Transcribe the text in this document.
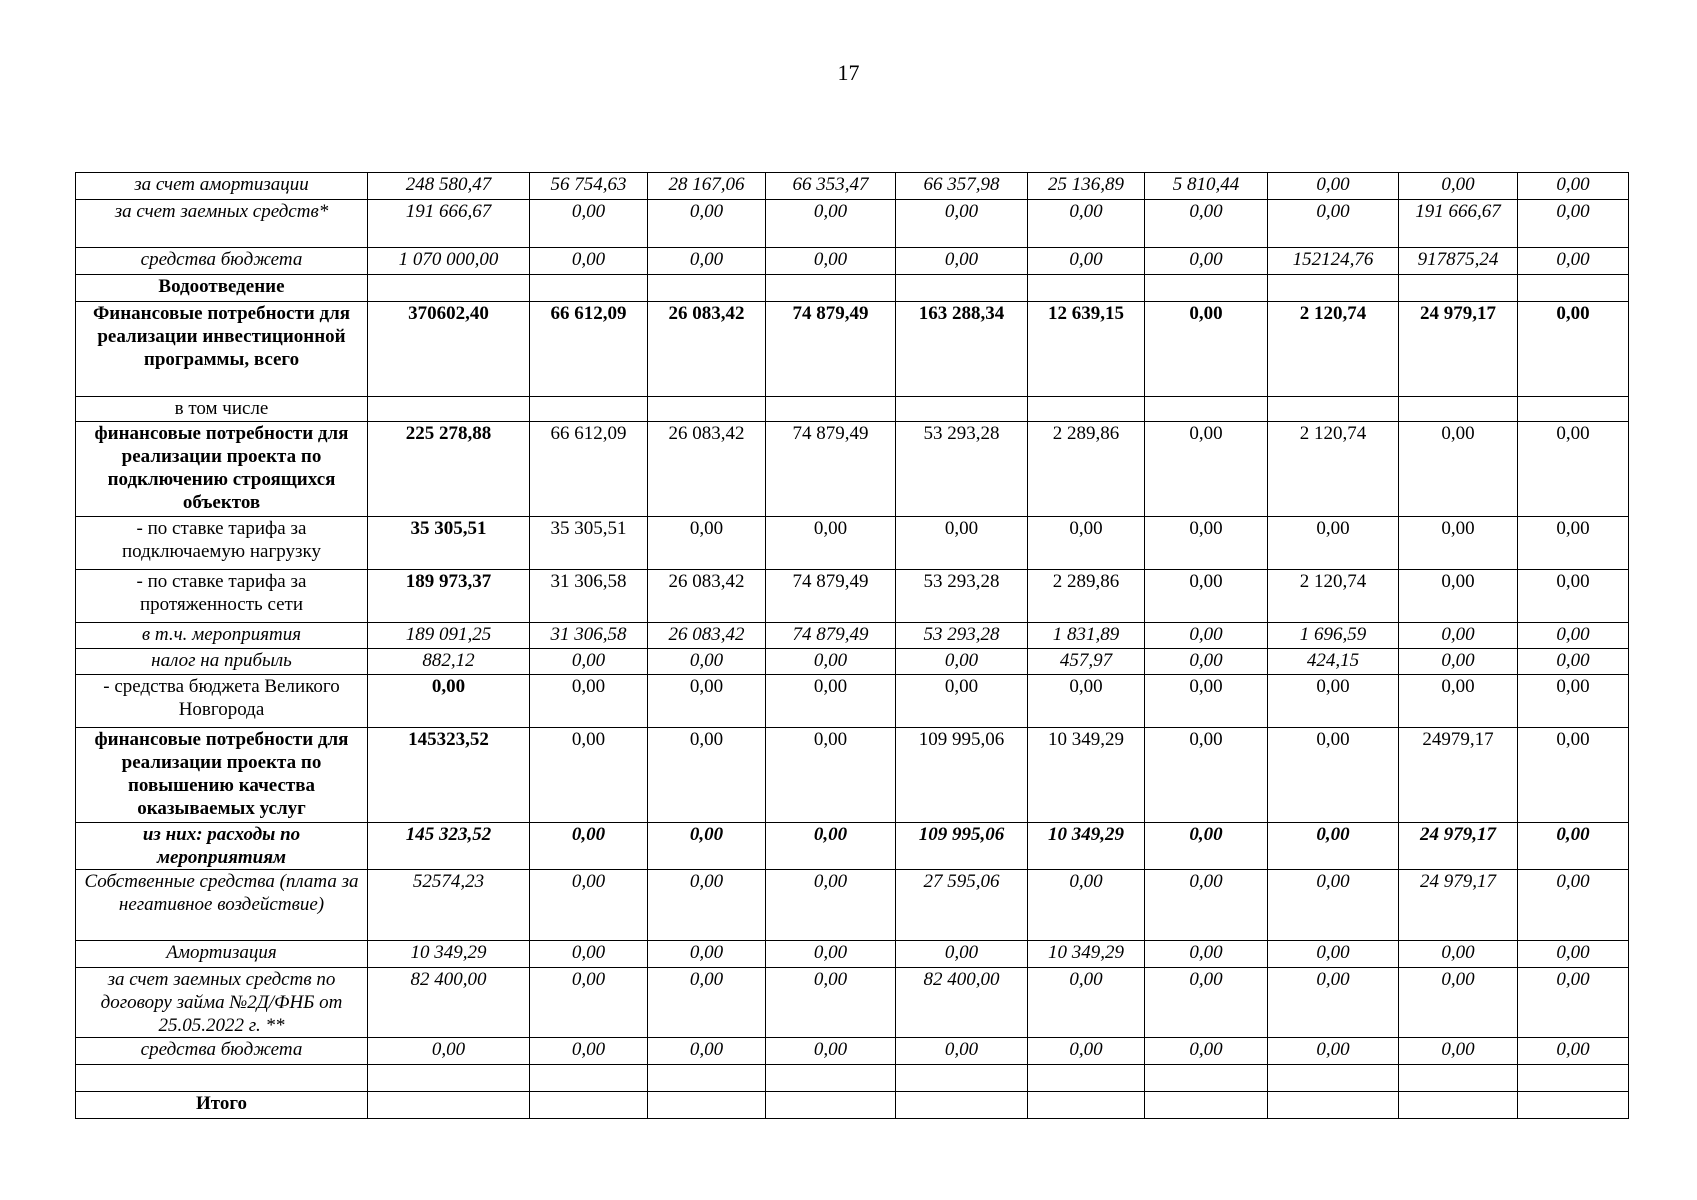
17
за счет амортизации	248 580,47	56 754,63	28 167,06	66 353,47	66 357,98	25 136,89	5 810,44	0,00	0,00	0,00
за счет заемных средств*	191 666,67	0,00	0,00	0,00	0,00	0,00	0,00	0,00	191 666,67	0,00
средства бюджета	1 070 000,00	0,00	0,00	0,00	0,00	0,00	0,00	152124,76	917875,24	0,00
Водоотведение										
Финансовые потребности для реализации инвестиционной программы, всего	370602,40	66 612,09	26 083,42	74 879,49	163 288,34	12 639,15	0,00	2 120,74	24 979,17	0,00
в том числе										
финансовые потребности для реализации проекта по подключению строящихся объектов	225 278,88	66 612,09	26 083,42	74 879,49	53 293,28	2 289,86	0,00	2 120,74	0,00	0,00
- по ставке тарифа за подключаемую нагрузку	35 305,51	35 305,51	0,00	0,00	0,00	0,00	0,00	0,00	0,00	0,00
- по ставке тарифа за протяженность сети	189 973,37	31 306,58	26 083,42	74 879,49	53 293,28	2 289,86	0,00	2 120,74	0,00	0,00
в т.ч. мероприятия	189 091,25	31 306,58	26 083,42	74 879,49	53 293,28	1 831,89	0,00	1 696,59	0,00	0,00
налог на прибыль	882,12	0,00	0,00	0,00	0,00	457,97	0,00	424,15	0,00	0,00
- средства бюджета Великого Новгорода	0,00	0,00	0,00	0,00	0,00	0,00	0,00	0,00	0,00	0,00
финансовые потребности для реализации проекта по повышению качества оказываемых услуг	145323,52	0,00	0,00	0,00	109 995,06	10 349,29	0,00	0,00	24979,17	0,00
из них: расходы по мероприятиям	145 323,52	0,00	0,00	0,00	109 995,06	10 349,29	0,00	0,00	24 979,17	0,00
Собственные средства (плата за негативное воздействие)	52574,23	0,00	0,00	0,00	27 595,06	0,00	0,00	0,00	24 979,17	0,00
Амортизация	10 349,29	0,00	0,00	0,00	0,00	10 349,29	0,00	0,00	0,00	0,00
за счет заемных средств по договору займа №2Д/ФНБ от 25.05.2022 г. **	82 400,00	0,00	0,00	0,00	82 400,00	0,00	0,00	0,00	0,00	0,00
средства бюджета	0,00	0,00	0,00	0,00	0,00	0,00	0,00	0,00	0,00	0,00

Итого										
